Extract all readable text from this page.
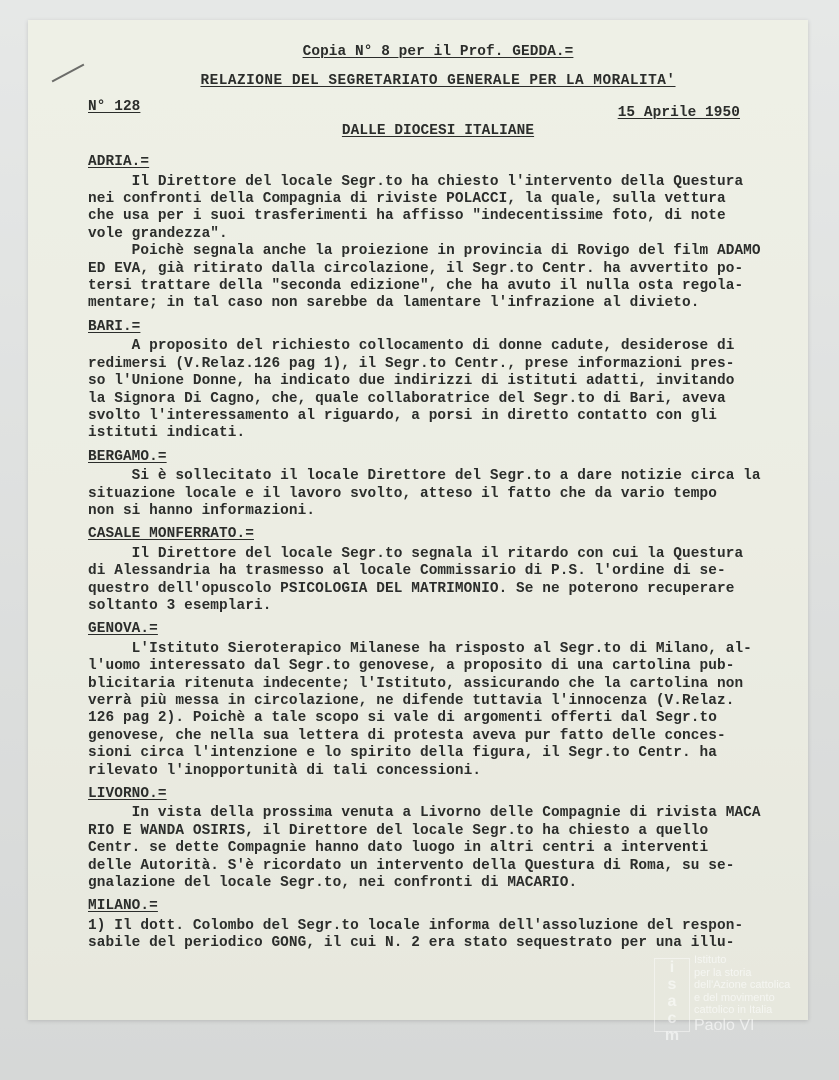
Copia N° 8 per il Prof. GEDDA.=
RELAZIONE DEL SEGRETARIATO GENERALE PER LA MORALITA'
N° 128	15 Aprile 1950
DALLE DIOCESI ITALIANE
ADRIA.=
Il Direttore del locale Segr.to ha chiesto l'intervento della Questura
nei confronti della Compagnia di riviste POLACCI, la quale, sulla vettura
che usa per i suoi trasferimenti ha affisso "indecentissime foto, di note
vole grandezza".
Poichè segnala anche la proiezione in provincia di Rovigo del film ADAMO
ED EVA, già ritirato dalla circolazione, il Segr.to Centr. ha avvertito po-
tersi trattare della "seconda edizione", che ha avuto il nulla osta regola-
mentare; in tal caso non sarebbe da lamentare l'infrazione al divieto.
BARI.=
A proposito del richiesto collocamento di donne cadute, desiderose di
redimersi (V.Relaz.126 pag 1), il Segr.to Centr., prese informazioni pres-
so l'Unione Donne, ha indicato due indirizzi di istituti adatti, invitando
la Signora Di Cagno, che, quale collaboratrice del Segr.to di Bari, aveva
svolto l'interessamento al riguardo, a porsi in diretto contatto con gli
istituti indicati.
BERGAMO.=
Si è sollecitato il locale Direttore del Segr.to a dare notizie circa la
situazione locale e il lavoro svolto, atteso il fatto che da vario tempo
non si hanno informazioni.
CASALE MONFERRATO.=
Il Direttore del locale Segr.to segnala il ritardo con cui la Questura
di Alessandria ha trasmesso al locale Commissario di P.S. l'ordine di se-
questro dell'opuscolo PSICOLOGIA DEL MATRIMONIO. Se ne poterono recuperare
soltanto 3 esemplari.
GENOVA.=
L'Istituto Sieroterapico Milanese ha risposto al Segr.to di Milano, al-
l'uomo interessato dal Segr.to genovese, a proposito di una cartolina pub-
blicitaria ritenuta indecente; l'Istituto, assicurando che la cartolina non
verrà più messa in circolazione, ne difende tuttavia l'innocenza (V.Relaz.
126 pag 2). Poichè a tale scopo si vale di argomenti offerti dal Segr.to
genovese, che nella sua lettera di protesta aveva pur fatto delle conces-
sioni circa l'intenzione e lo spirito della figura, il Segr.to Centr. ha
rilevato l'inopportunità di tali concessioni.
LIVORNO.=
In vista della prossima venuta a Livorno delle Compagnie di rivista MACA
RIO E WANDA OSIRIS, il Direttore del locale Segr.to ha chiesto a quello
Centr. se dette Compagnie hanno dato luogo in altri centri a interventi
delle Autorità. S'è ricordato un intervento della Questura di Roma, su se-
gnalazione del locale Segr.to, nei confronti di MACARIO.
MILANO.=
1) Il dott. Colombo del Segr.to locale informa dell'assoluzione del respon-
sabile del periodico GONG, il cui N. 2 era stato sequestrato per una illu-
i
s
a
c
m
Istituto
per la storia
dell'Azione cattolica
e del movimento
cattolico in Italia
Paolo VI
